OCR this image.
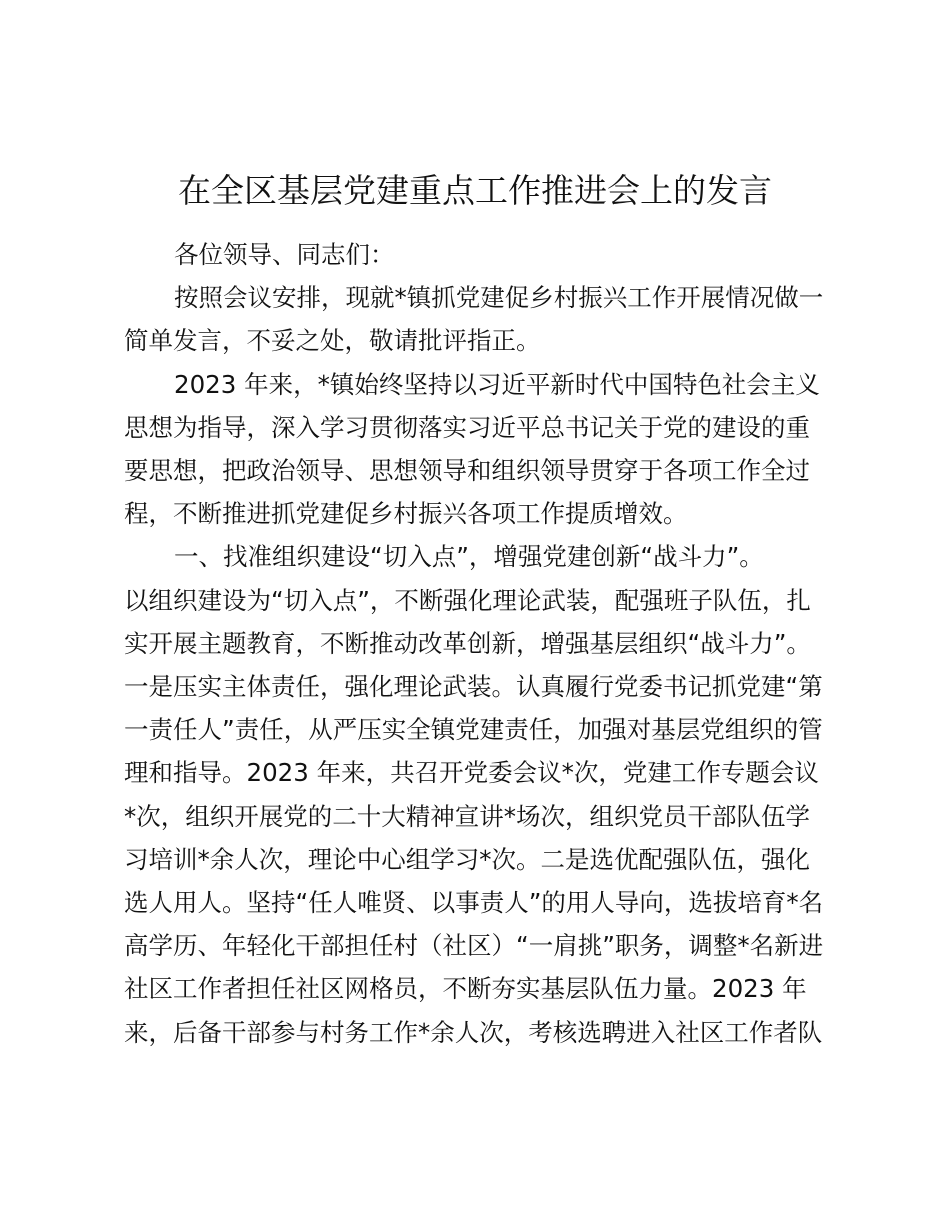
在全区基层党建重点工作推进会上的发言
各位领导、同志们：
按照会议安排，现就*镇抓党建促乡村振兴工作开展情况做一
简单发言，不妥之处，敬请批评指正。
2023 年来，*镇始终坚持以习近平新时代中国特色社会主义
思想为指导，深入学习贯彻落实习近平总书记关于党的建设的重
要思想，把政治领导、思想领导和组织领导贯穿于各项工作全过
程，不断推进抓党建促乡村振兴各项工作提质增效。
一、找准组织建设“切入点”，增强党建创新“战斗力”。
以组织建设为“切入点”，不断强化理论武装，配强班子队伍，扎
实开展主题教育，不断推动改革创新，增强基层组织“战斗力”。
一是压实主体责任，强化理论武装。认真履行党委书记抓党建“第
一责任人”责任，从严压实全镇党建责任，加强对基层党组织的管
理和指导。2023 年来，共召开党委会议*次，党建工作专题会议
*次，组织开展党的二十大精神宣讲*场次，组织党员干部队伍学
习培训*余人次，理论中心组学习*次。二是选优配强队伍，强化
选人用人。坚持“任人唯贤、以事责人”的用人导向，选拔培育*名
高学历、年轻化干部担任村（社区）“一肩挑”职务，调整*名新进
社区工作者担任社区网格员，不断夯实基层队伍力量。2023 年
来，后备干部参与村务工作*余人次，考核选聘进入社区工作者队
